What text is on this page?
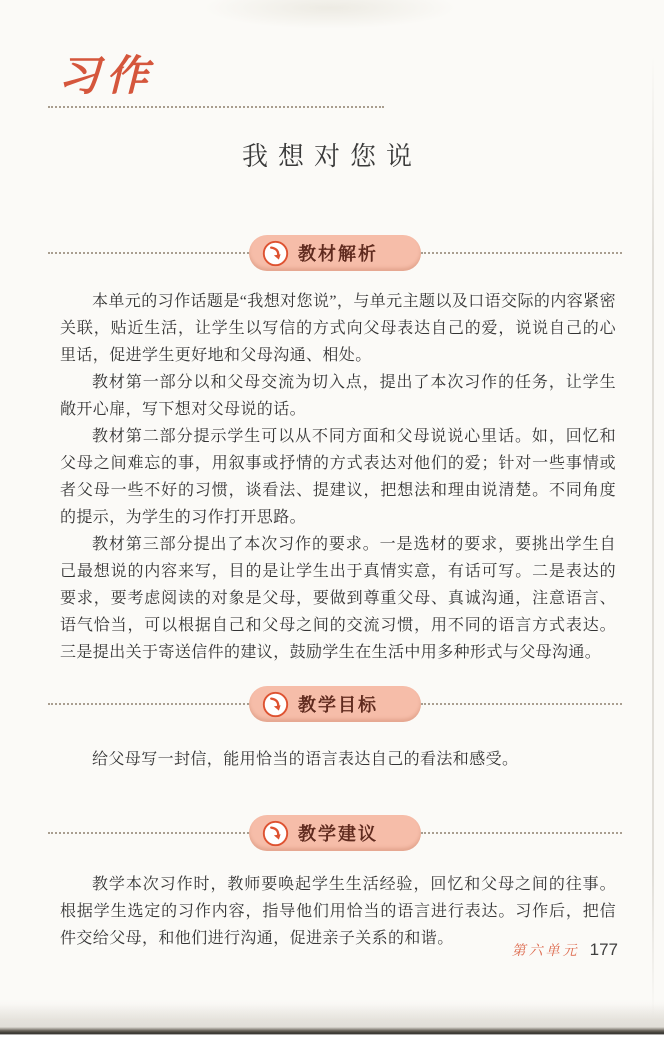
习作
我想对您说
教材解析

本单元的习作话题是“我想对您说”，与单元主题以及口语交际的内容紧密关联，贴近生活，让学生以写信的方式向父母表达自己的爱，说说自己的心里话，促进学生更好地和父母沟通、相处。

教材第一部分以和父母交流为切入点，提出了本次习作的任务，让学生敞开心扉，写下想对父母说的话。

教材第二部分提示学生可以从不同方面和父母说说心里话。如，回忆和父母之间难忘的事，用叙事或抒情的方式表达对他们的爱；针对一些事情或者父母一些不好的习惯，谈看法、提建议，把想法和理由说清楚。不同角度的提示，为学生的习作打开思路。

教材第三部分提出了本次习作的要求。一是选材的要求，要挑出学生自己最想说的内容来写，目的是让学生出于真情实意，有话可写。二是表达的要求，要考虑阅读的对象是父母，要做到尊重父母、真诚沟通，注意语言、语气恰当，可以根据自己和父母之间的交流习惯，用不同的语言方式表达。三是提出关于寄送信件的建议，鼓励学生在生活中用多种形式与父母沟通。

教学目标

给父母写一封信，能用恰当的语言表达自己的看法和感受。

教学建议

教学本次习作时，教师要唤起学生生活经验，回忆和父母之间的往事。根据学生选定的习作内容，指导他们用恰当的语言进行表达。习作后，把信件交给父母，和他们进行沟通，促进亲子关系的和谐。

第六单元 177
